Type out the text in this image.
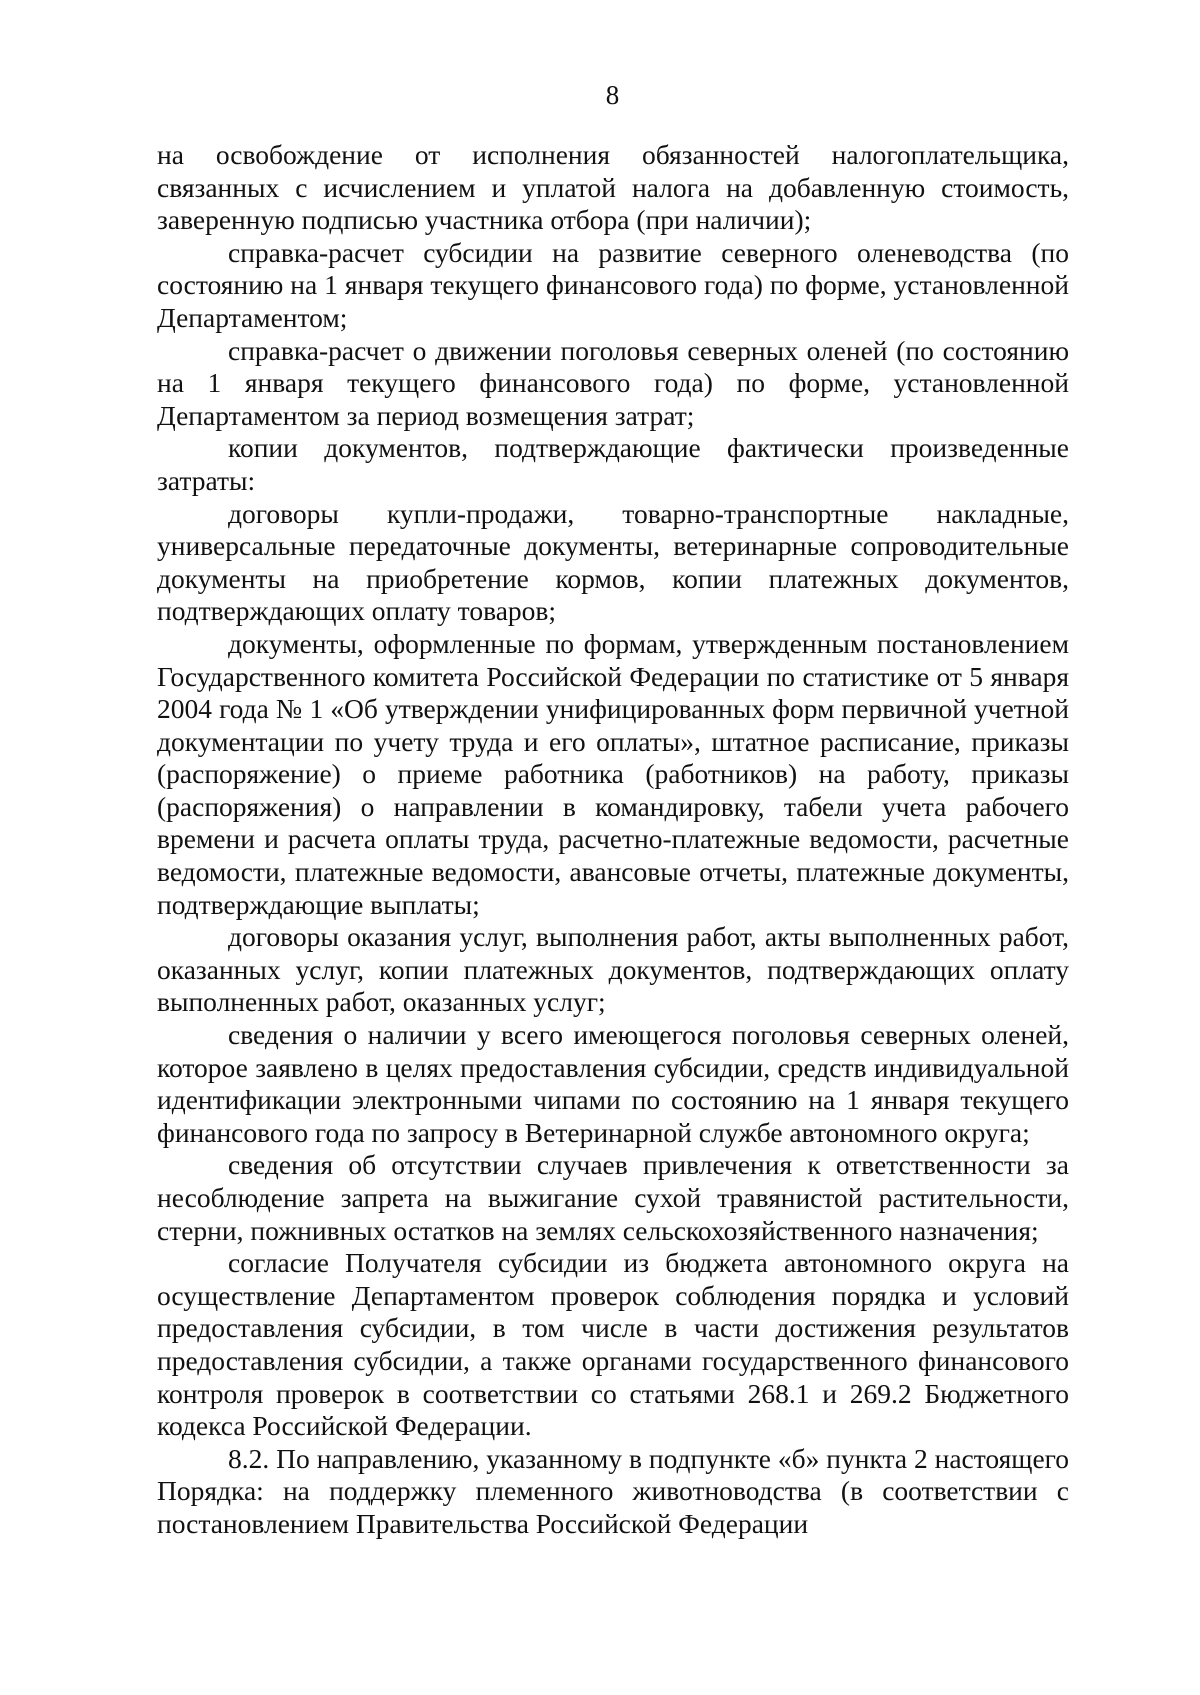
8

на освобождение от исполнения обязанностей налогоплательщика, связанных с исчислением и уплатой налога на добавленную стоимость, заверенную подписью участника отбора (при наличии);

справка-расчет субсидии на развитие северного оленеводства (по состоянию на 1 января текущего финансового года) по форме, установленной Департаментом;

справка-расчет о движении поголовья северных оленей (по состоянию на 1 января текущего финансового года) по форме, установленной Департаментом за период возмещения затрат;

копии документов, подтверждающие фактически произведенные затраты:

договоры купли-продажи, товарно-транспортные накладные, универсальные передаточные документы, ветеринарные сопроводительные документы на приобретение кормов, копии платежных документов, подтверждающих оплату товаров;

документы, оформленные по формам, утвержденным постановлением Государственного комитета Российской Федерации по статистике от 5 января 2004 года № 1 «Об утверждении унифицированных форм первичной учетной документации по учету труда и его оплаты», штатное расписание, приказы (распоряжение) о приеме работника (работников) на работу, приказы (распоряжения) о направлении в командировку, табели учета рабочего времени и расчета оплаты труда, расчетно-платежные ведомости, расчетные ведомости, платежные ведомости, авансовые отчеты, платежные документы, подтверждающие выплаты;

договоры оказания услуг, выполнения работ, акты выполненных работ, оказанных услуг, копии платежных документов, подтверждающих оплату выполненных работ, оказанных услуг;

сведения о наличии у всего имеющегося поголовья северных оленей, которое заявлено в целях предоставления субсидии, средств индивидуальной идентификации электронными чипами по состоянию на 1 января текущего финансового года по запросу в Ветеринарной службе автономного округа;

сведения об отсутствии случаев привлечения к ответственности за несоблюдение запрета на выжигание сухой травянистой растительности, стерни, пожнивных остатков на землях сельскохозяйственного назначения;

согласие Получателя субсидии из бюджета автономного округа на осуществление Департаментом проверок соблюдения порядка и условий предоставления субсидии, в том числе в части достижения результатов предоставления субсидии, а также органами государственного финансового контроля проверок в соответствии со статьями 268.1 и 269.2 Бюджетного кодекса Российской Федерации.

8.2. По направлению, указанному в подпункте «б» пункта 2 настоящего Порядка: на поддержку племенного животноводства (в соответствии с постановлением Правительства Российской Федерации
